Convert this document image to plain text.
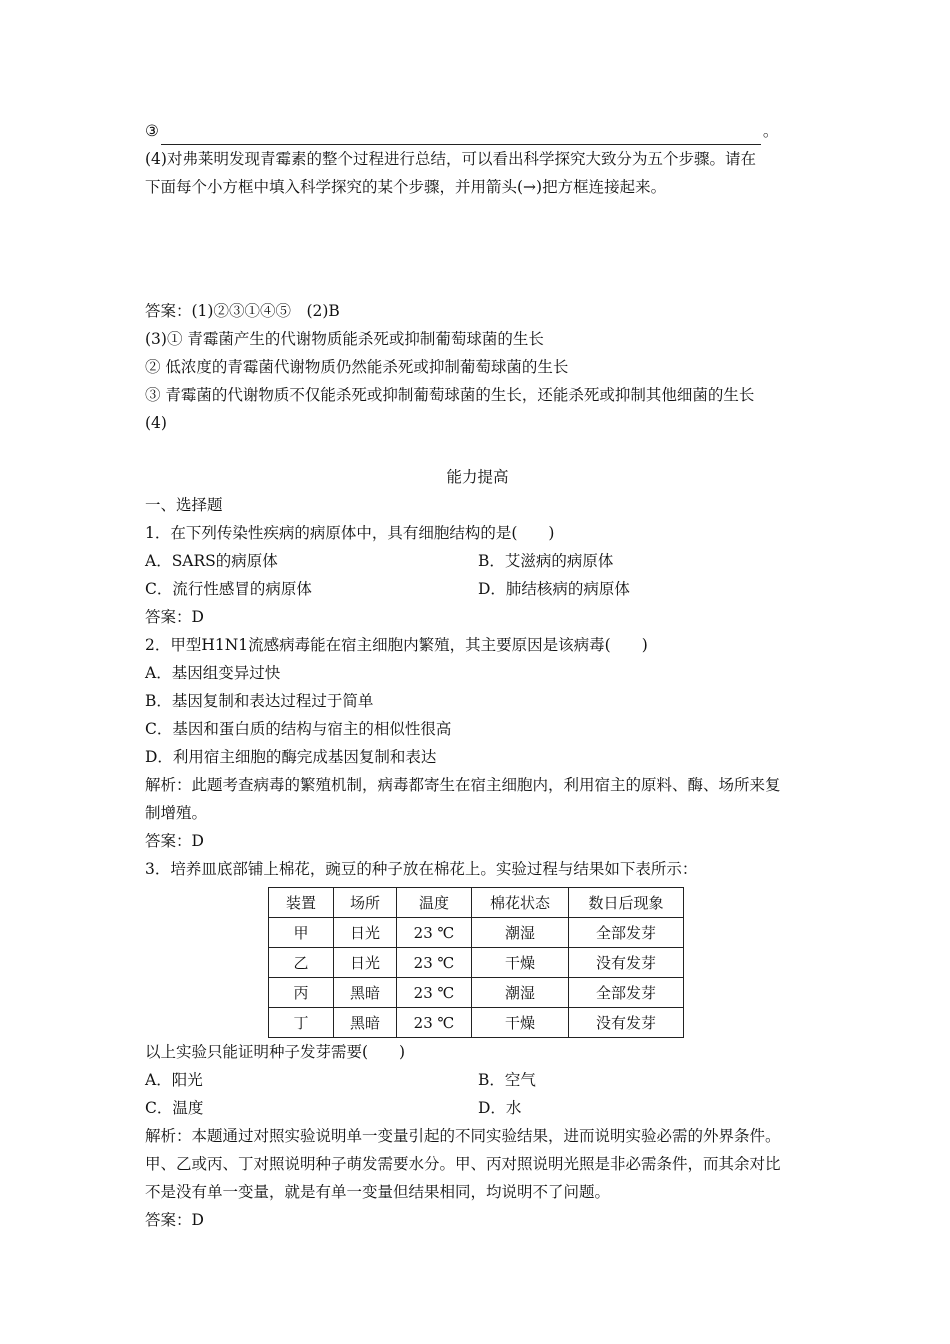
③	。
(4)对弗莱明发现青霉素的整个过程进行总结，可以看出科学探究大致分为五个步骤。请在
下面每个小方框中填入科学探究的某个步骤，并用箭头(→)把方框连接起来。
答案：(1)②③①④⑤　(2)B
(3)① 青霉菌产生的代谢物质能杀死或抑制葡萄球菌的生长
② 低浓度的青霉菌代谢物质仍然能杀死或抑制葡萄球菌的生长
③ 青霉菌的代谢物质不仅能杀死或抑制葡萄球菌的生长，还能杀死或抑制其他细菌的生长
(4)
能力提高
一、选择题
1．在下列传染性疾病的病原体中，具有细胞结构的是(　　)
A．SARS的病原体	B．艾滋病的病原体
C．流行性感冒的病原体	D．肺结核病的病原体
答案：D
2．甲型H1N1流感病毒能在宿主细胞内繁殖，其主要原因是该病毒(　　)
A．基因组变异过快
B．基因复制和表达过程过于简单
C．基因和蛋白质的结构与宿主的相似性很高
D．利用宿主细胞的酶完成基因复制和表达
解析：此题考查病毒的繁殖机制，病毒都寄生在宿主细胞内，利用宿主的原料、酶、场所来复
制增殖。
答案：D
3．培养皿底部铺上棉花，豌豆的种子放在棉花上。实验过程与结果如下表所示：
装置	场所	温度	棉花状态	数日后现象
甲	日光	23 ℃	潮湿	全部发芽
乙	日光	23 ℃	干燥	没有发芽
丙	黑暗	23 ℃	潮湿	全部发芽
丁	黑暗	23 ℃	干燥	没有发芽
以上实验只能证明种子发芽需要(　　)
A．阳光	B．空气
C．温度	D．水
解析：本题通过对照实验说明单一变量引起的不同实验结果，进而说明实验必需的外界条件。
甲、乙或丙、丁对照说明种子萌发需要水分。甲、丙对照说明光照是非必需条件，而其余对比
不是没有单一变量，就是有单一变量但结果相同，均说明不了问题。
答案：D
